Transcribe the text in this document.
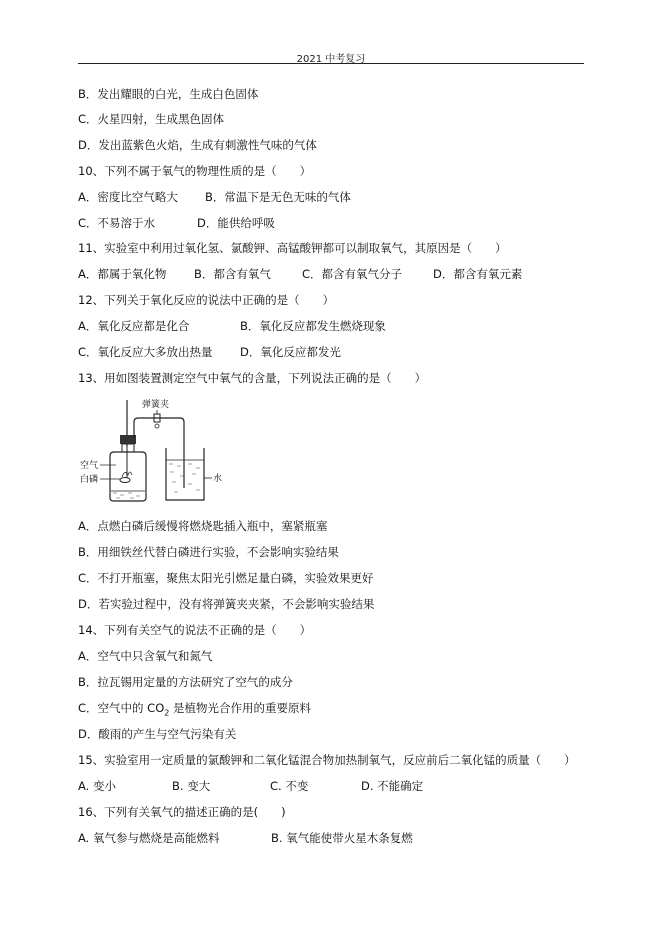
2021 中考复习
B．发出耀眼的白光，生成白色固体
C．火星四射，生成黑色固体
D．发出蓝紫色火焰，生成有刺激性气味的气体
10、下列不属于氧气的物理性质的是（　　）
A．密度比空气略大 B．常温下是无色无味的气体
C．不易溶于水	D．能供给呼吸
11、实验室中利用过氧化氢、氯酸钾、高锰酸钾都可以制取氧气，其原因是（　　）
A．都属于氧化物 B．都含有氧气	C．都含有氧气分子	D．都含有氧元素
12、下列关于氧化反应的说法中正确的是（　　）
A．氧化反应都是化合	B．氧化反应都发生燃烧现象
C．氧化反应大多放出热量 D．氧化反应都发光
13、用如图装置测定空气中氧气的含量，下列说法正确的是（　　）
弹簧夹
空气
白磷	水
A．点燃白磷后缓慢将燃烧匙插入瓶中，塞紧瓶塞
B．用细铁丝代替白磷进行实验，不会影响实验结果
C．不打开瓶塞，聚焦太阳光引燃足量白磷，实验效果更好
D．若实验过程中，没有将弹簧夹夹紧，不会影响实验结果
14、下列有关空气的说法不正确的是（　　）
A．空气中只含氧气和氮气
B．拉瓦锡用定量的方法研究了空气的成分
C．空气中的 $CO_2$ 是植物光合作用的重要原料
D．酸雨的产生与空气污染有关
15、实验室用一定质量的氯酸钾和二氧化锰混合物加热制氧气，反应前后二氧化锰的质量（　　）
A. 变小	B. 变大	C. 不变	D. 不能确定
16、下列有关氧气的描述正确的是(　　)
A. 氧气参与燃烧是高能燃料	B. 氧气能使带火星木条复燃
